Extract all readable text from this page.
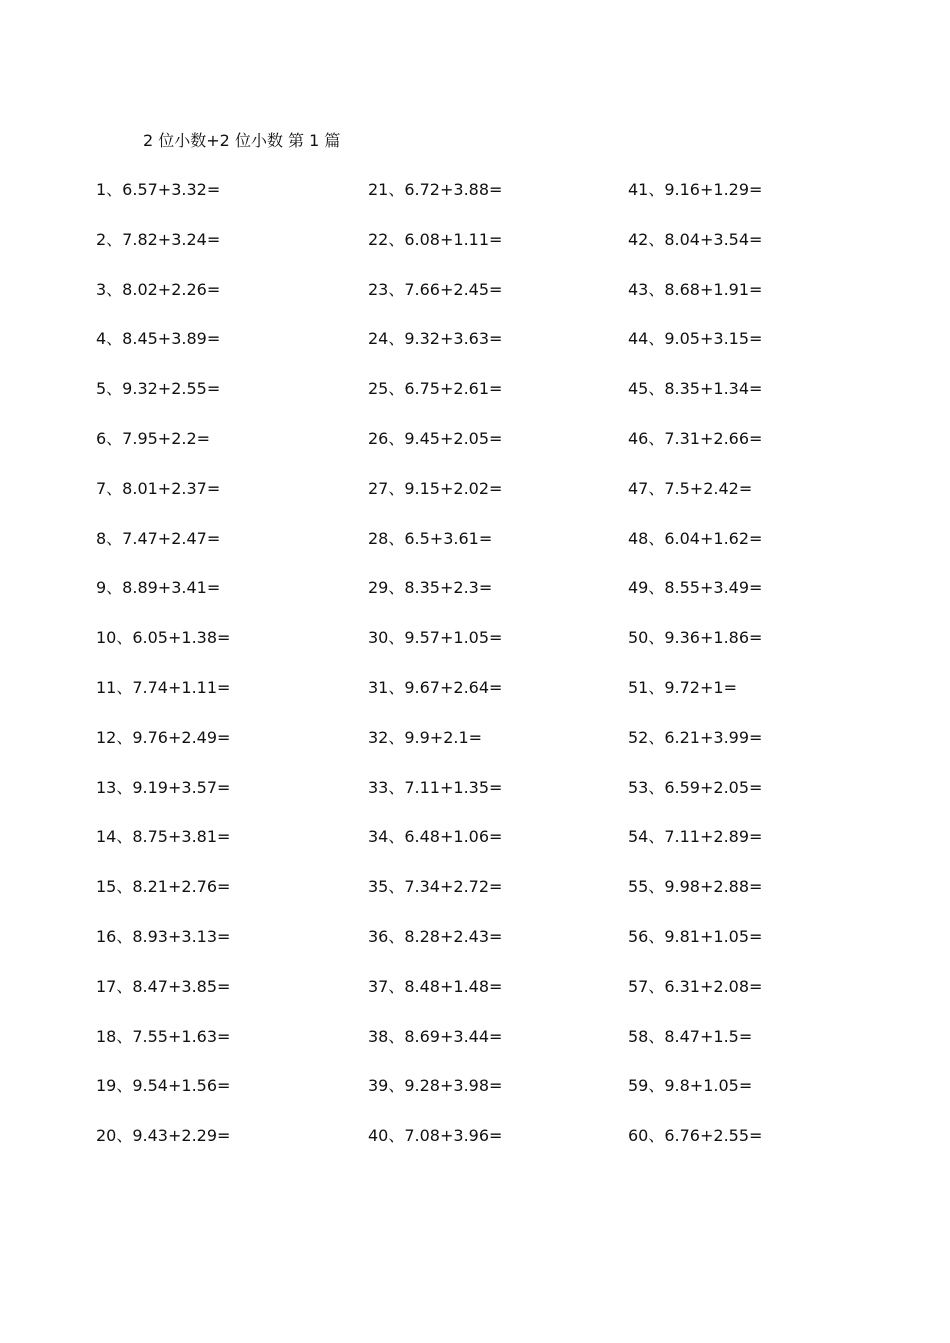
2 位小数+2 位小数 第 1 篇
1、6.57+3.32=
2、7.82+3.24=
3、8.02+2.26=
4、8.45+3.89=
5、9.32+2.55=
6、7.95+2.2=
7、8.01+2.37=
8、7.47+2.47=
9、8.89+3.41=
10、6.05+1.38=
11、7.74+1.11=
12、9.76+2.49=
13、9.19+3.57=
14、8.75+3.81=
15、8.21+2.76=
16、8.93+3.13=
17、8.47+3.85=
18、7.55+1.63=
19、9.54+1.56=
20、9.43+2.29=
21、6.72+3.88=
22、6.08+1.11=
23、7.66+2.45=
24、9.32+3.63=
25、6.75+2.61=
26、9.45+2.05=
27、9.15+2.02=
28、6.5+3.61=
29、8.35+2.3=
30、9.57+1.05=
31、9.67+2.64=
32、9.9+2.1=
33、7.11+1.35=
34、6.48+1.06=
35、7.34+2.72=
36、8.28+2.43=
37、8.48+1.48=
38、8.69+3.44=
39、9.28+3.98=
40、7.08+3.96=
41、9.16+1.29=
42、8.04+3.54=
43、8.68+1.91=
44、9.05+3.15=
45、8.35+1.34=
46、7.31+2.66=
47、7.5+2.42=
48、6.04+1.62=
49、8.55+3.49=
50、9.36+1.86=
51、9.72+1=
52、6.21+3.99=
53、6.59+2.05=
54、7.11+2.89=
55、9.98+2.88=
56、9.81+1.05=
57、6.31+2.08=
58、8.47+1.5=
59、9.8+1.05=
60、6.76+2.55=
